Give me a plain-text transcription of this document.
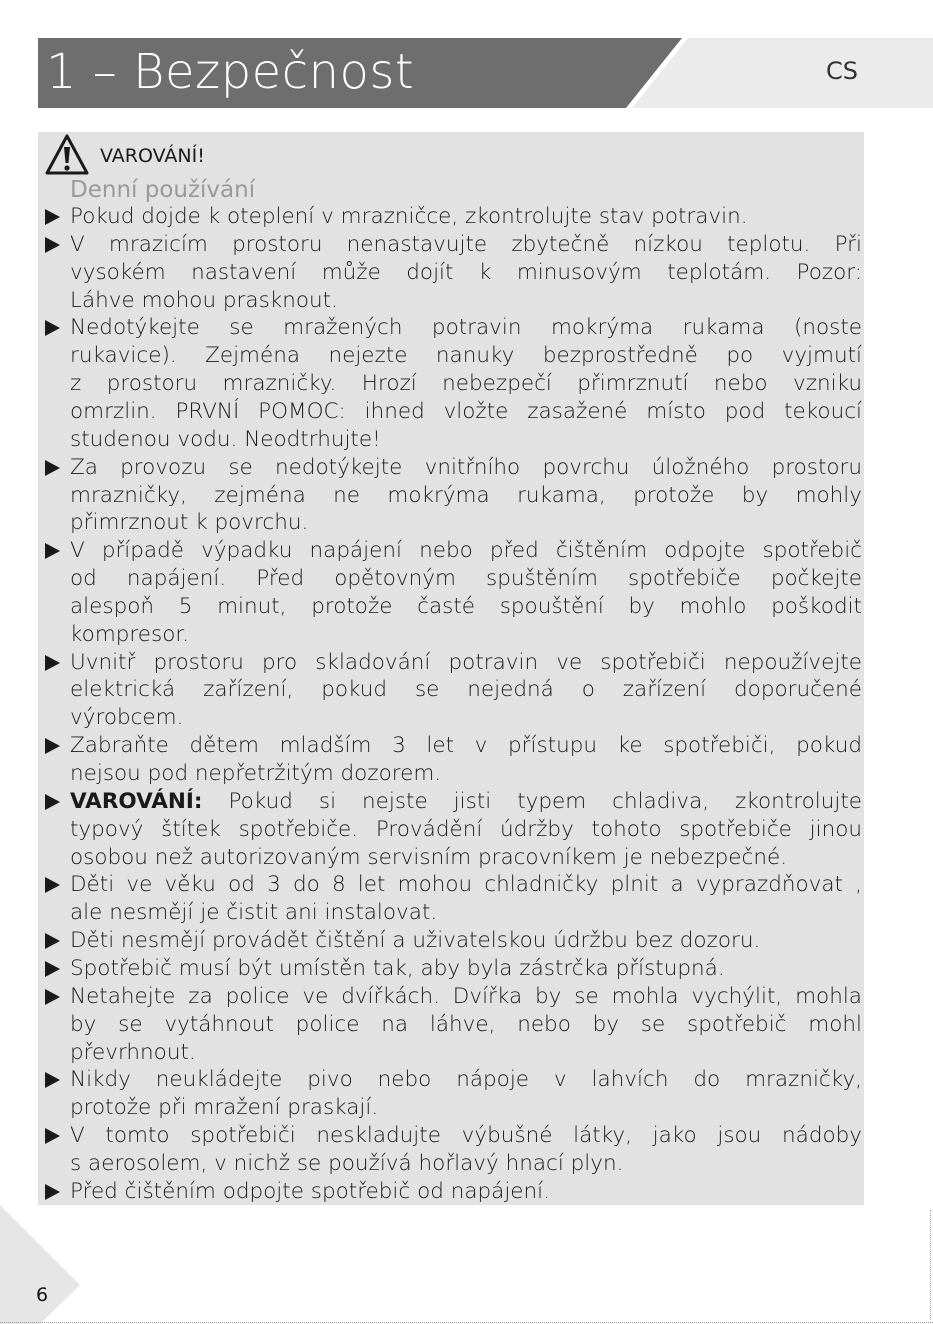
1 – Bezpečnost	CS
VAROVÁNÍ!
Denní používání
Pokud dojde k oteplení v mrazničce, zkontrolujte stav potravin.
V mrazicím prostoru nenastavujte zbytečně nízkou teplotu. Při
vysokém nastavení může dojít k minusovým teplotám. Pozor:
Láhve mohou prasknout.
Nedotýkejte se mražených potravin mokrýma rukama (noste
rukavice). Zejména nejezte nanuky bezprostředně po vyjmutí
z prostoru mrazničky. Hrozí nebezpečí přimrznutí nebo vzniku
omrzlin. PRVNÍ POMOC: ihned vložte zasažené místo pod tekoucí
studenou vodu. Neodtrhujte!
Za provozu se nedotýkejte vnitřního povrchu úložného prostoru
mrazničky, zejména ne mokrýma rukama, protože by mohly
přimrznout k povrchu.
V případě výpadku napájení nebo před čištěním odpojte spotřebič
od napájení. Před opětovným spuštěním spotřebiče počkejte
alespoň 5 minut, protože časté spouštění by mohlo poškodit
kompresor.
Uvnitř prostoru pro skladování potravin ve spotřebiči nepoužívejte
elektrická zařízení, pokud se nejedná o zařízení doporučené
výrobcem.
Zabraňte dětem mladším 3 let v přístupu ke spotřebiči, pokud
nejsou pod nepřetržitým dozorem.
VAROVÁNÍ: Pokud si nejste jisti typem chladiva, zkontrolujte
typový štítek spotřebiče. Provádění údržby tohoto spotřebiče jinou
osobou než autorizovaným servisním pracovníkem je nebezpečné.
Děti ve věku od 3 do 8 let mohou chladničky plnit a vyprazdňovat ,
ale nesmějí je čistit ani instalovat.
Děti nesmějí provádět čištění a uživatelskou údržbu bez dozoru.
Spotřebič musí být umístěn tak, aby byla zástrčka přístupná.
Netahejte za police ve dvířkách. Dvířka by se mohla vychýlit, mohla
by se vytáhnout police na láhve, nebo by se spotřebič mohl
převrhnout.
Nikdy neukládejte pivo nebo nápoje v lahvích do mrazničky,
protože při mražení praskají.
V tomto spotřebiči neskladujte výbušné látky, jako jsou nádoby
s aerosolem, v nichž se používá hořlavý hnací plyn.
Před čištěním odpojte spotřebič od napájení.
6
